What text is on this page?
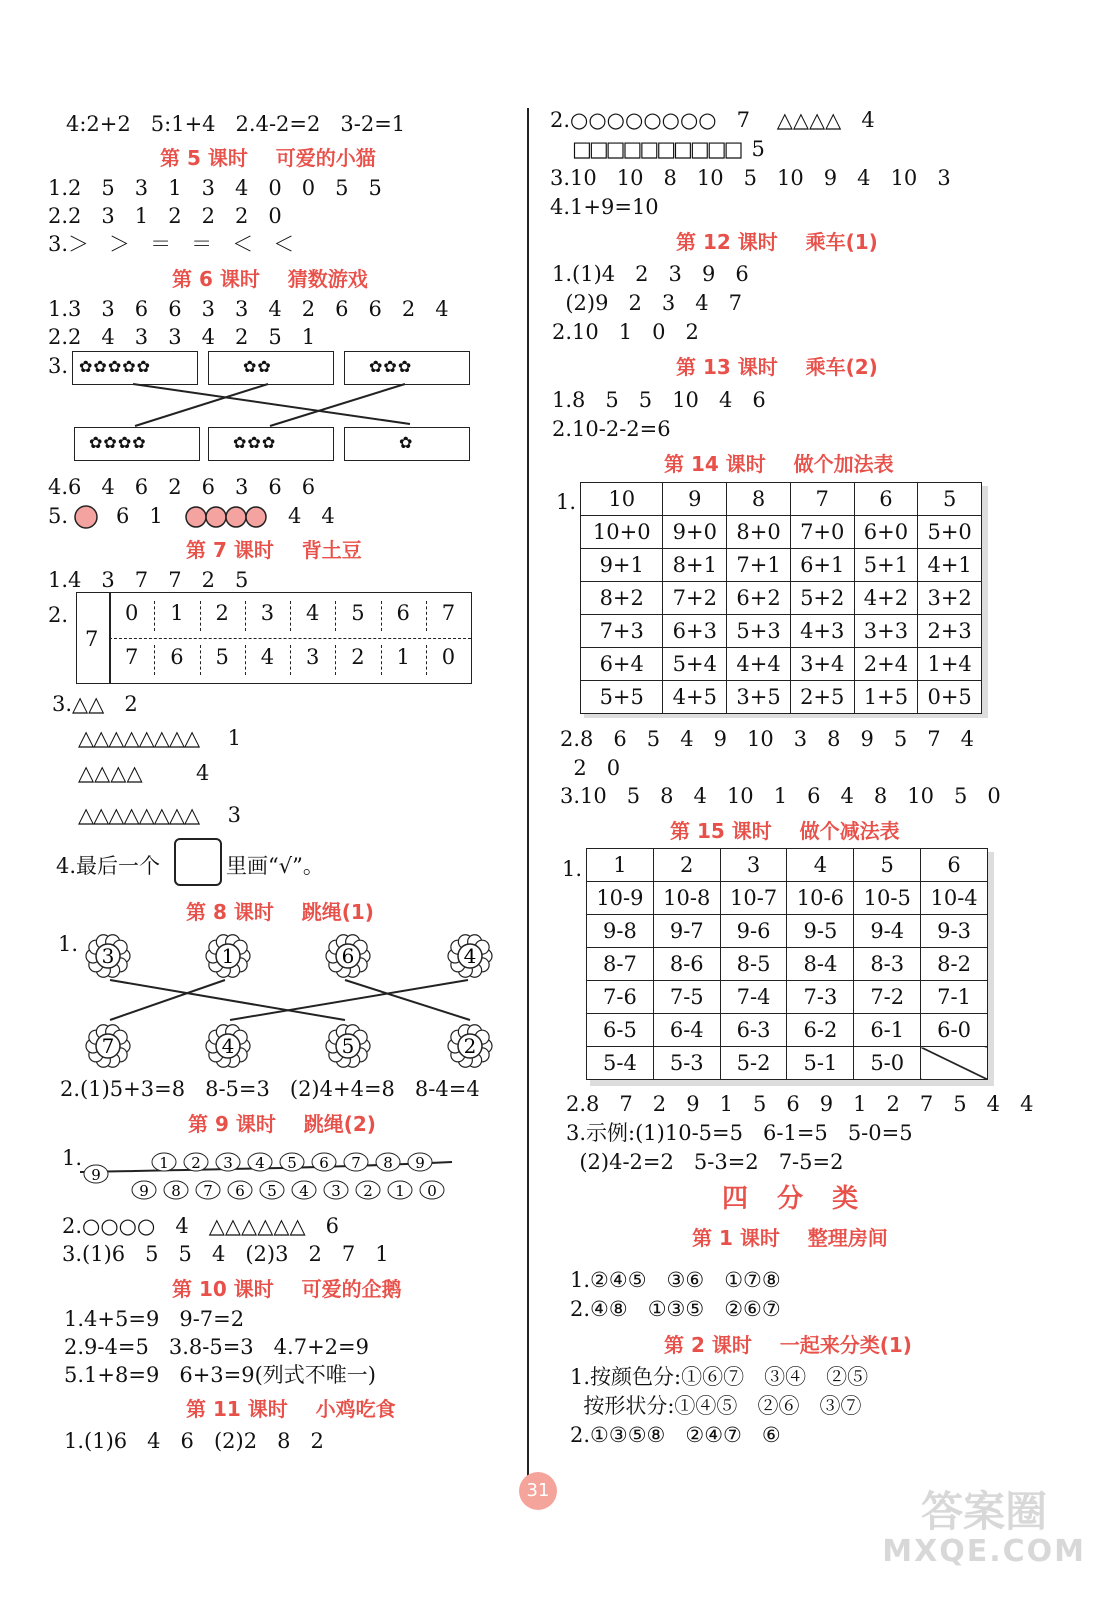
4:2+2   5:1+4   2.4-2=2   3-2=1
第 5 课时    可爱的小猫
1.2   5   3   1   3   4   0   0   5   5
2.2   3   1   2   2   2   0
3.＞   ＞   ＝   ＝   ＜   ＜
第 6 课时    猜数游戏
1.3   3   6   6   3   3   4   2   6   6   2   4
2.2   4   3   3   4   2   5   1
3. ✿✿✿✿✿	✿✿	✿✿✿
✿✿✿✿	✿✿✿	✿
4.6   4   6   2   6   3   6   6
5. 6   1	4   4
第 7 课时    背土豆
1.4   3   7   7   2   5
2.
7
0	1	2	3	4	5	6	7
7	6	5	4	3	2	1	0
3.△△   2
△△△△△△△△     1
△△△△        4
△△△△△△△△     3
4.最后一个	里画“√”。
第 8 课时    跳绳(1)
1. 3	1	6	4
7	4	5	2
2.(1)5+3=8   8-5=3   (2)4+4=8   8-4=4
第 9 课时    跳绳(2)
1.
9
1 2 3 4 5 6 7 8 9
9 8 7 6 5 4 3 2 1 0
2.○○○○   4   △△△△△△   6
3.(1)6   5   5   4   (2)3   2   7   1
第 10 课时    可爱的企鹅
1.4+5=9   9-7=2
2.9-4=5   3.8-5=3   4.7+2=9
5.1+8=9   6+3=9(列式不唯一)
第 11 课时    小鸡吃食
1.(1)6   4   6   (2)2   8   2
2.○○○○○○○○   7    △△△△   4
□□□□□□□□□□   5
3.10   10   8   10   5   10   9   4   10   3
4.1+9=10
第 12 课时    乘车(1)
1.(1)4   2   3   9   6
(2)9   2   3   4   7
2.10   1   0   2
第 13 课时    乘车(2)
1.8   5   5   10   4   6
2.10-2-2=6
第 14 课时    做个加法表
1. 10	9	8	7	6	5
10+0	9+0	8+0	7+0	6+0	5+0
9+1	8+1	7+1	6+1	5+1	4+1
8+2	7+2	6+2	5+2	4+2	3+2
7+3	6+3	5+3	4+3	3+3	2+3
6+4	5+4	4+4	3+4	2+4	1+4
5+5	4+5	3+5	2+5	1+5	0+5
2.8   6   5   4   9   10   3   8   9   5   7   4
2   0
3.10   5   8   4   10   1   6   4   8   10   5   0
第 15 课时    做个减法表
1. 1	2	3	4	5	6
10-9	10-8	10-7	10-6	10-5	10-4
9-8	9-7	9-6	9-5	9-4	9-3
8-7	8-6	8-5	8-4	8-3	8-2
7-6	7-5	7-4	7-3	7-2	7-1
6-5	6-4	6-3	6-2	6-1	6-0
5-4	5-3	5-2	5-1	5-0	
2.8   7   2   9   1   5   6   9   1   2   7   5   4   4
3.示例:(1)10-5=5   6-1=5   5-0=5
(2)4-2=2   5-3=2   7-5=2
四 分 类
第 1 课时    整理房间
1.②④⑤   ③⑥   ①⑦⑧
2.④⑧   ①③⑤   ②⑥⑦
第 2 课时    一起来分类(1)
1.按颜色分:①⑥⑦   ③④   ②⑤
按形状分:①④⑤   ②⑥   ③⑦
2.①③⑤⑧   ②④⑦   ⑥
31	答案圈
MXQE.COM
